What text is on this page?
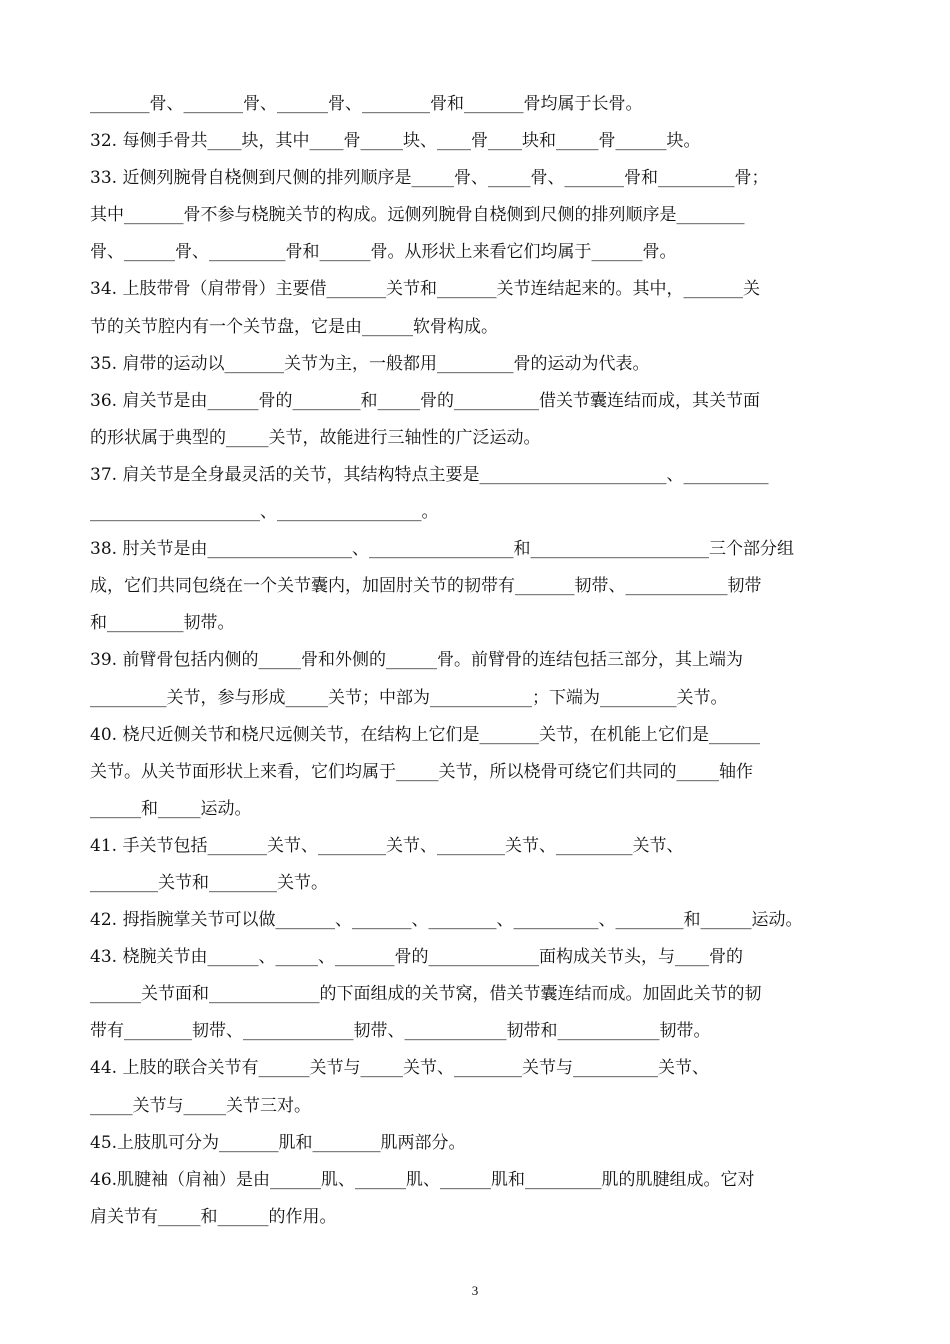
_______骨、_______骨、______骨、________骨和_______骨均属于长骨。
32. 每侧手骨共____块，其中____骨_____块、____骨____块和_____骨______块。
33. 近侧列腕骨自桡侧到尺侧的排列顺序是_____骨、_____骨、_______骨和_________骨；
其中_______骨不参与桡腕关节的构成。远侧列腕骨自桡侧到尺侧的排列顺序是________
骨、______骨、_________骨和______骨。从形状上来看它们均属于______骨。
34. 上肢带骨（肩带骨）主要借_______关节和_______关节连结起来的。其中，_______关
节的关节腔内有一个关节盘，它是由______软骨构成。
35. 肩带的运动以_______关节为主，一般都用_________骨的运动为代表。
36. 肩关节是由______骨的________和_____骨的__________借关节囊连结而成，其关节面
的形状属于典型的_____关节，故能进行三轴性的广泛运动。
37. 肩关节是全身最灵活的关节，其结构特点主要是______________________、__________
____________________、_________________。
38. 肘关节是由_________________、_________________和_____________________三个部分组
成，它们共同包绕在一个关节囊内，加固肘关节的韧带有_______韧带、____________韧带
和_________韧带。
39. 前臂骨包括内侧的_____骨和外侧的______骨。前臂骨的连结包括三部分，其上端为
_________关节，参与形成_____关节；中部为____________；下端为_________关节。
40. 桡尺近侧关节和桡尺远侧关节，在结构上它们是_______关节，在机能上它们是______
关节。从关节面形状上来看，它们均属于_____关节，所以桡骨可绕它们共同的_____轴作
______和_____运动。
41. 手关节包括_______关节、________关节、________关节、_________关节、
________关节和________关节。
42. 拇指腕掌关节可以做_______、_______、________、__________、________和______运动。
43. 桡腕关节由______、_____、_______骨的_____________面构成关节头，与____骨的
______关节面和_____________的下面组成的关节窝，借关节囊连结而成。加固此关节的韧
带有________韧带、_____________韧带、____________韧带和____________韧带。
44. 上肢的联合关节有______关节与_____关节、________关节与__________关节、
_____关节与_____关节三对。
45.上肢肌可分为_______肌和________肌两部分。
46.肌腱袖（肩袖）是由______肌、______肌、______肌和_________肌的肌腱组成。它对
肩关节有_____和______的作用。
3
